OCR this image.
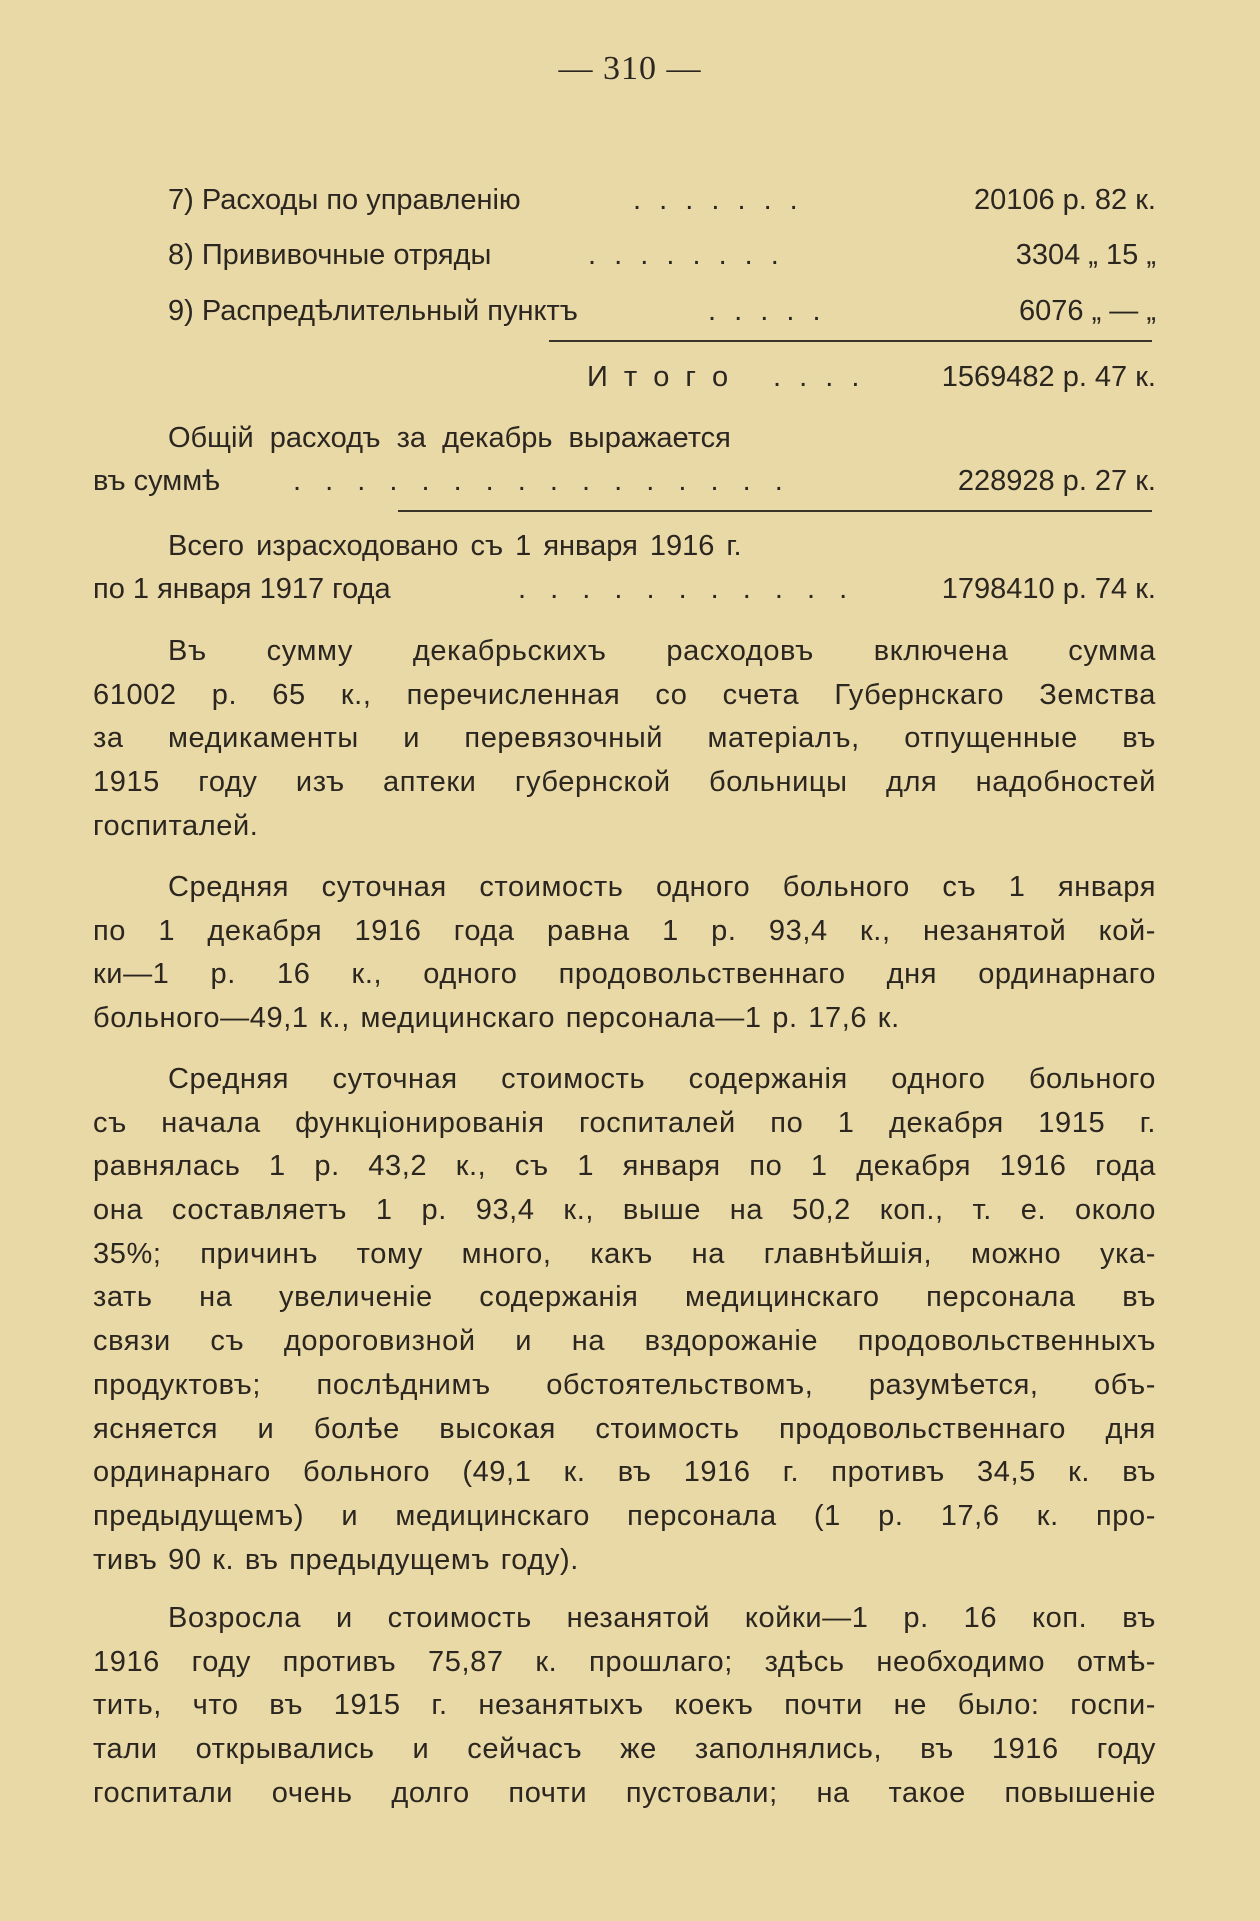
— 310 —
7) Расходы по управленію	. . . . . . .	20106 р. 82 к.
8) Прививочные отряды	. . . . . . . .	3304 „ 15 „
9) Распредѣлительный пунктъ	. . . . .	6076 „ — „
И т о г о . . . .	1569482 р. 47 к.
Общій расходъ за декабрь выражается
въ суммѣ	. . . . . . . . . . . . . . . .	228928 р. 27 к.
Всего израсходовано съ 1 января 1916 г.
по 1 января 1917 года	. . . . . . . . . . .	1798410 р. 74 к.
Въ сумму декабрьскихъ расходовъ включена сумма
61002 р. 65 к., перечисленная со счета Губернскаго Земства
за медикаменты и перевязочный матеріалъ, отпущенные въ
1915 году изъ аптеки губернской больницы для надобностей
госпиталей.
Средняя суточная стоимость одного больного съ 1 января
по 1 декабря 1916 года равна 1 р. 93,4 к., незанятой кой-
ки—1 р. 16 к., одного продовольственнаго дня ординарнаго
больного—49,1 к., медицинскаго персонала—1 р. 17,6 к.
Средняя суточная стоимость содержанія одного больного
съ начала функціонированія госпиталей по 1 декабря 1915 г.
равнялась 1 р. 43,2 к., съ 1 января по 1 декабря 1916 года
она составляетъ 1 р. 93,4 к., выше на 50,2 коп., т. е. около
35%; причинъ тому много, какъ на главнѣйшія, можно ука-
зать на увеличеніе содержанія медицинскаго персонала въ
связи съ дороговизной и на вздорожаніе продовольственныхъ
продуктовъ; послѣднимъ обстоятельствомъ, разумѣется, объ-
ясняется и болѣе высокая стоимость продовольственнаго дня
ординарнаго больного (49,1 к. въ 1916 г. противъ 34,5 к. въ
предыдущемъ) и медицинскаго персонала (1 р. 17,6 к. про-
тивъ 90 к. въ предыдущемъ году).
Возросла и стоимость незанятой койки—1 р. 16 коп. въ
1916 году противъ 75,87 к. прошлаго; здѣсь необходимо отмѣ-
тить, что въ 1915 г. незанятыхъ коекъ почти не было: госпи-
тали открывались и сейчасъ же заполнялись, въ 1916 году
госпитали очень долго почти пустовали; на такое повышеніе
